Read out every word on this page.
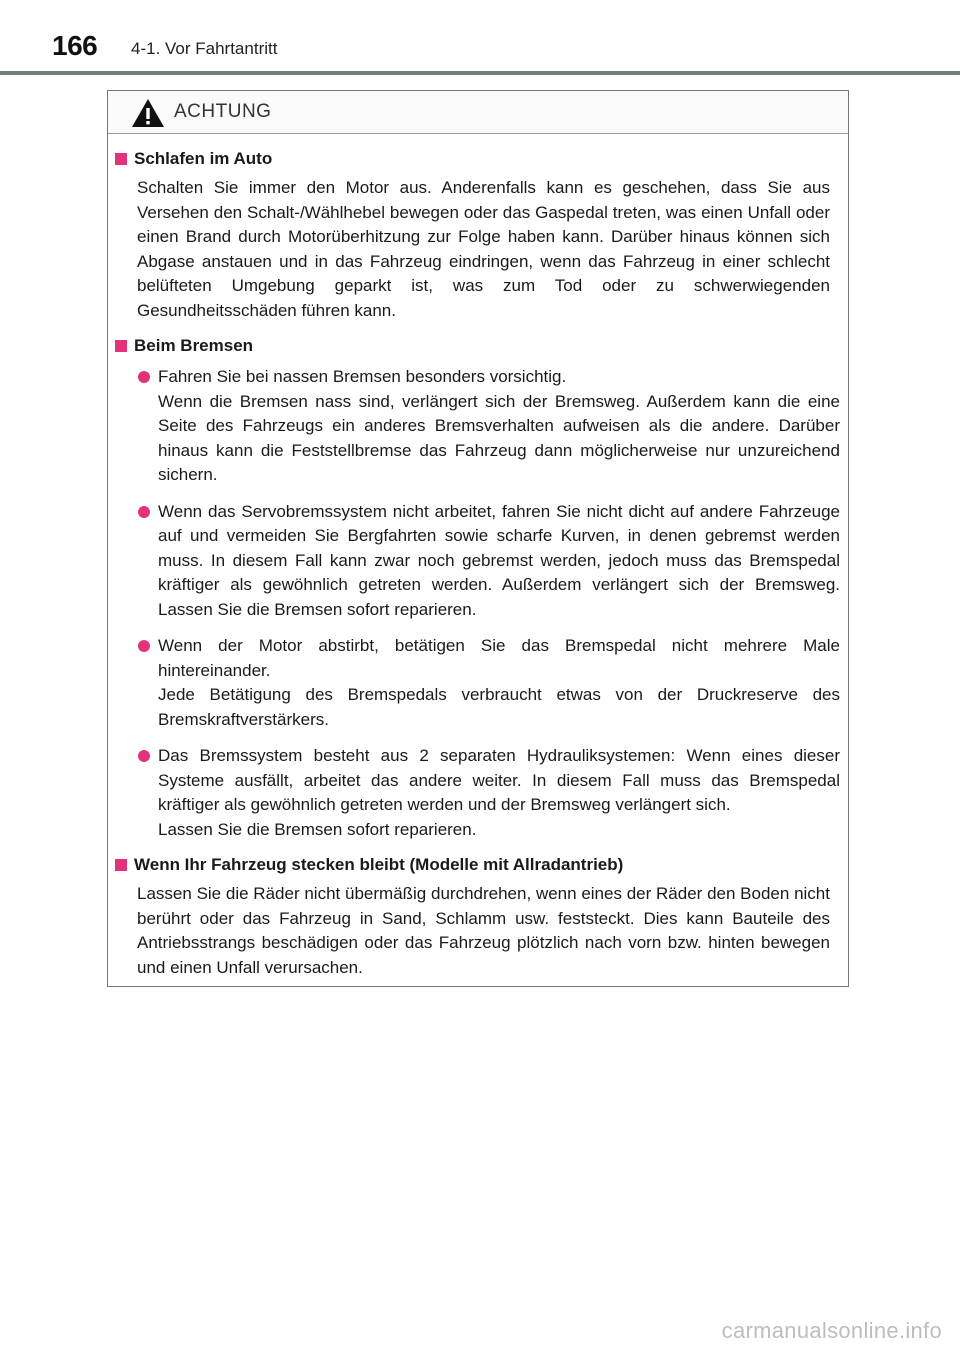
166 4-1. Vor Fahrtantritt
ACHTUNG
Schlafen im Auto

Schalten Sie immer den Motor aus. Anderenfalls kann es geschehen, dass Sie aus Versehen den Schalt-/Wählhebel bewegen oder das Gaspedal treten, was einen Unfall oder einen Brand durch Motorüberhitzung zur Folge haben kann. Darüber hinaus können sich Abgase anstauen und in das Fahrzeug eindringen, wenn das Fahrzeug in einer schlecht belüfteten Umgebung geparkt ist, was zum Tod oder zu schwerwiegenden Gesundheitsschäden führen kann.

Beim Bremsen

Fahren Sie bei nassen Bremsen besonders vorsichtig.

Wenn die Bremsen nass sind, verlängert sich der Bremsweg. Außerdem kann die eine Seite des Fahrzeugs ein anderes Bremsverhalten aufweisen als die andere. Darüber hinaus kann die Feststellbremse das Fahrzeug dann möglicherweise nur unzureichend sichern.

Wenn das Servobremssystem nicht arbeitet, fahren Sie nicht dicht auf andere Fahrzeuge auf und vermeiden Sie Bergfahrten sowie scharfe Kurven, in denen gebremst werden muss. In diesem Fall kann zwar noch gebremst werden, jedoch muss das Bremspedal kräftiger als gewöhnlich getreten werden. Außerdem verlängert sich der Bremsweg. Lassen Sie die Bremsen sofort reparieren.

Wenn der Motor abstirbt, betätigen Sie das Bremspedal nicht mehrere Male hintereinander.

Jede Betätigung des Bremspedals verbraucht etwas von der Druckreserve des Bremskraftverstärkers.

Das Bremssystem besteht aus 2 separaten Hydrauliksystemen: Wenn eines dieser Systeme ausfällt, arbeitet das andere weiter. In diesem Fall muss das Bremspedal kräftiger als gewöhnlich getreten werden und der Bremsweg verlängert sich.

Lassen Sie die Bremsen sofort reparieren.

Wenn Ihr Fahrzeug stecken bleibt (Modelle mit Allradantrieb)

Lassen Sie die Räder nicht übermäßig durchdrehen, wenn eines der Räder den Boden nicht berührt oder das Fahrzeug in Sand, Schlamm usw. feststeckt. Dies kann Bauteile des Antriebsstrangs beschädigen oder das Fahrzeug plötzlich nach vorn bzw. hinten bewegen und einen Unfall verursachen.

carmanualsonline.info
